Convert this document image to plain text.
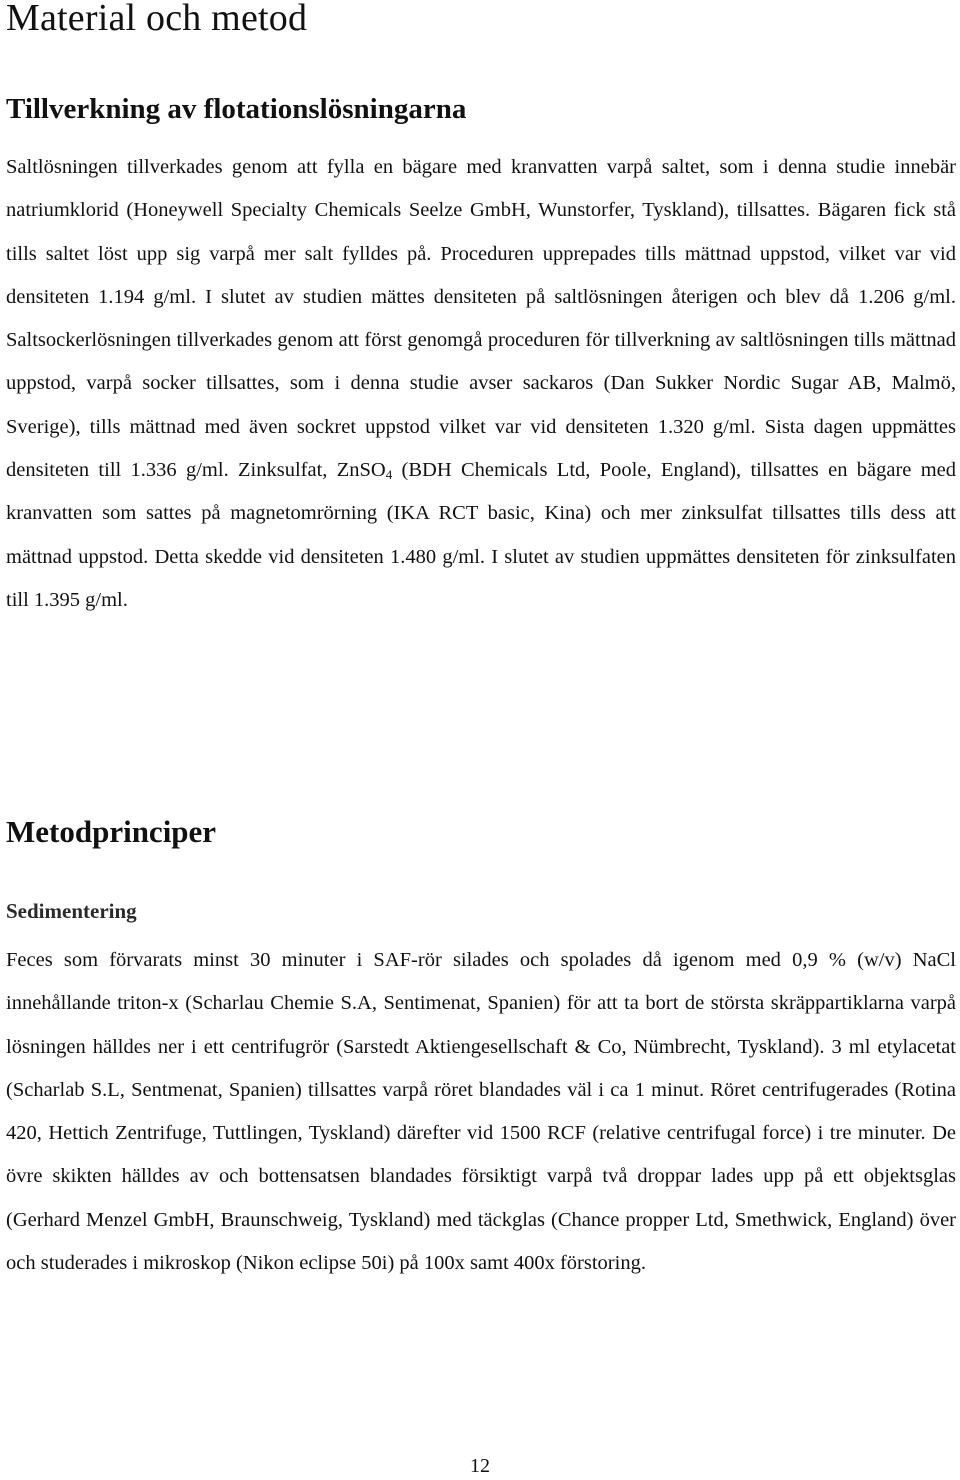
Material och metod
Tillverkning av flotationslösningarna

Saltlösningen tillverkades genom att fylla en bägare med kranvatten varpå saltet, som i denna studie innebär natriumklorid (Honeywell Specialty Chemicals Seelze GmbH, Wunstorfer, Tyskland), tillsattes. Bägaren fick stå tills saltet löst upp sig varpå mer salt fylldes på. Proceduren upprepades tills mättnad uppstod, vilket var vid densiteten 1.194 g/ml. I slutet av studien mättes densiteten på saltlösningen återigen och blev då 1.206 g/ml. Saltsockerlösningen tillverkades genom att först genomgå proceduren för tillverkning av saltlösningen tills mättnad uppstod, varpå socker tillsattes, som i denna studie avser sackaros (Dan Sukker Nordic Sugar AB, Malmö, Sverige), tills mättnad med även sockret uppstod vilket var vid densiteten 1.320 g/ml. Sista dagen uppmättes densiteten till 1.336 g/ml. Zinksulfat, ZnSO$_4$ (BDH Chemicals Ltd, Poole, England), tillsattes en bägare med kranvatten som sattes på magnetomrörning (IKA RCT basic, Kina) och mer zinksulfat tillsattes tills dess att mättnad uppstod. Detta skedde vid densiteten 1.480 g/ml. I slutet av studien uppmättes densiteten för zinksulfaten till 1.395 g/ml.

Metodprinciper
Sedimentering

Feces som förvarats minst 30 minuter i SAF-rör silades och spolades då igenom med 0,9 % (w/v) NaCl innehållande triton-x (Scharlau Chemie S.A, Sentimenat, Spanien) för att ta bort de största skräppartiklarna varpå lösningen hälldes ner i ett centrifugrör (Sarstedt Aktiengesellschaft & Co, Nümbrecht, Tyskland). 3 ml etylacetat (Scharlab S.L, Sentmenat, Spanien) tillsattes varpå röret blandades väl i ca 1 minut. Röret centrifugerades (Rotina 420, Hettich Zentrifuge, Tuttlingen, Tyskland) därefter vid 1500 RCF (relative centrifugal force) i tre minuter. De övre skikten hälldes av och bottensatsen blandades försiktigt varpå två droppar lades upp på ett objektsglas (Gerhard Menzel GmbH, Braunschweig, Tyskland) med täckglas (Chance propper Ltd, Smethwick, England) över och studerades i mikroskop (Nikon eclipse 50i) på 100x samt 400x förstoring.

12
